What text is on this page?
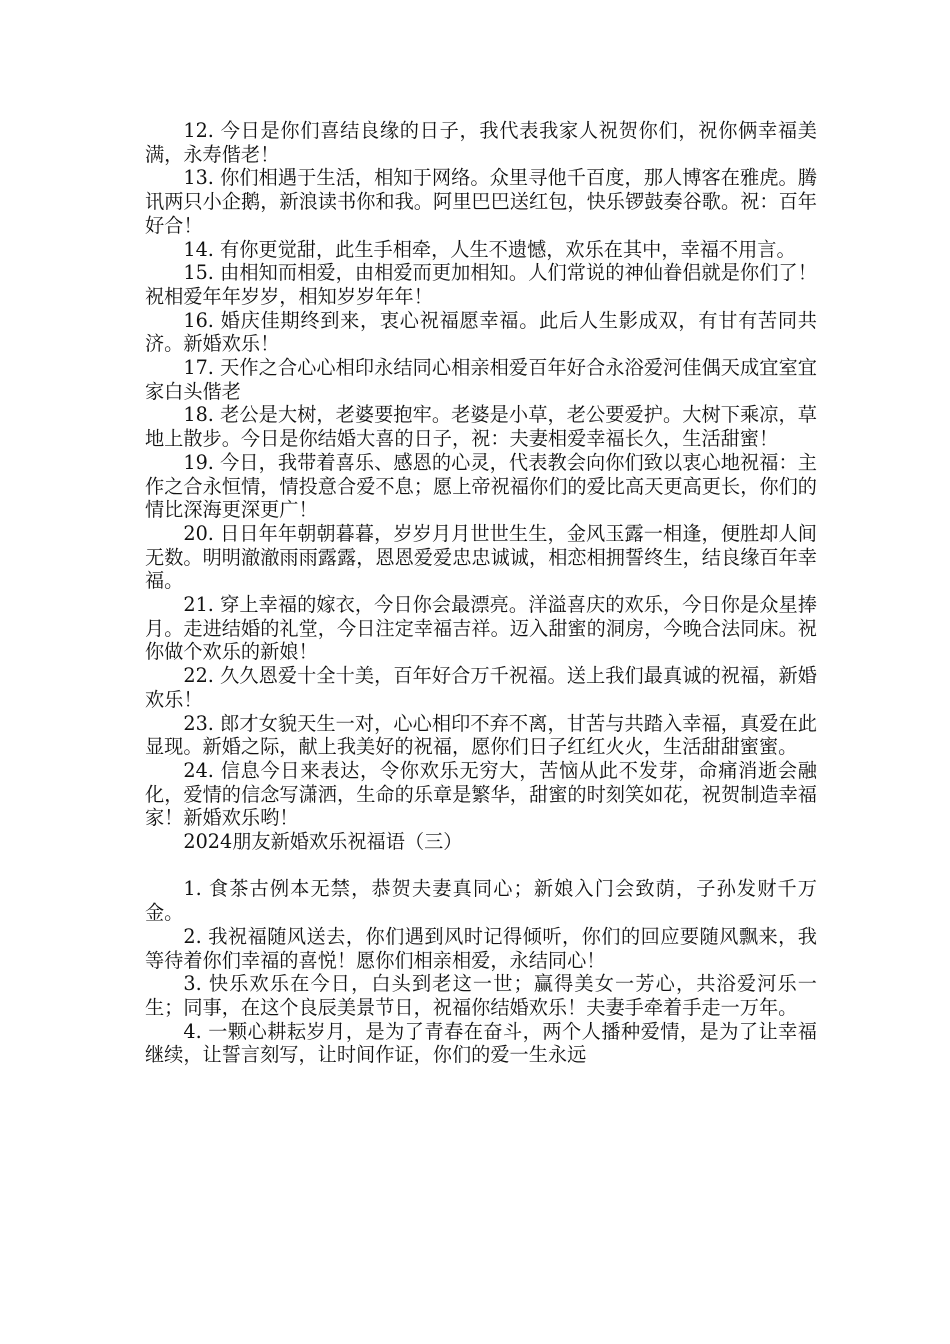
12. 今日是你们喜结良缘的日子，我代表我家人祝贺你们，祝你俩幸福美满，永寿偕老！

13. 你们相遇于生活，相知于网络。众里寻他千百度，那人博客在雅虎。腾讯两只小企鹅，新浪读书你和我。阿里巴巴送红包，快乐锣鼓奏谷歌。祝：百年好合！

14. 有你更觉甜，此生手相牵，人生不遗憾，欢乐在其中，幸福不用言。

15. 由相知而相爱，由相爱而更加相知。人们常说的神仙眷侣就是你们了！祝相爱年年岁岁，相知岁岁年年！

16. 婚庆佳期终到来，衷心祝福愿幸福。此后人生影成双，有甘有苦同共济。新婚欢乐！

17. 天作之合心心相印永结同心相亲相爱百年好合永浴爱河佳偶天成宜室宜家白头偕老

18. 老公是大树，老婆要抱牢。老婆是小草，老公要爱护。大树下乘凉，草地上散步。今日是你结婚大喜的日子，祝：夫妻相爱幸福长久，生活甜蜜！

19. 今日，我带着喜乐、感恩的心灵，代表教会向你们致以衷心地祝福：主作之合永恒情，情投意合爱不息；愿上帝祝福你们的爱比高天更高更长，你们的情比深海更深更广！

20. 日日年年朝朝暮暮，岁岁月月世世生生，金风玉露一相逢，便胜却人间无数。明明澈澈雨雨露露，恩恩爱爱忠忠诚诚，相恋相拥誓终生，结良缘百年幸福。

21. 穿上幸福的嫁衣，今日你会最漂亮。洋溢喜庆的欢乐，今日你是众星捧月。走进结婚的礼堂，今日注定幸福吉祥。迈入甜蜜的洞房，今晚合法同床。祝你做个欢乐的新娘！

22. 久久恩爱十全十美，百年好合万千祝福。送上我们最真诚的祝福，新婚欢乐！

23. 郎才女貌天生一对，心心相印不弃不离，甘苦与共踏入幸福，真爱在此显现。新婚之际，献上我美好的祝福，愿你们日子红红火火，生活甜甜蜜蜜。

24. 信息今日来表达，令你欢乐无穷大，苦恼从此不发芽，命痛消逝会融化，爱情的信念写潇洒，生命的乐章是繁华，甜蜜的时刻笑如花，祝贺制造幸福家！新婚欢乐哟！

2024朋友新婚欢乐祝福语（三）

1. 食茶古例本无禁，恭贺夫妻真同心；新娘入门会致荫，子孙发财千万金。

2. 我祝福随风送去，你们遇到风时记得倾听，你们的回应要随风飘来，我等待着你们幸福的喜悦！愿你们相亲相爱，永结同心！

3. 快乐欢乐在今日，白头到老这一世；赢得美女一芳心，共浴爱河乐一生；同事，在这个良辰美景节日，祝福你结婚欢乐！夫妻手牵着手走一万年。

4. 一颗心耕耘岁月，是为了青春在奋斗，两个人播种爱情，是为了让幸福继续，让誓言刻写，让时间作证，你们的爱一生永远
